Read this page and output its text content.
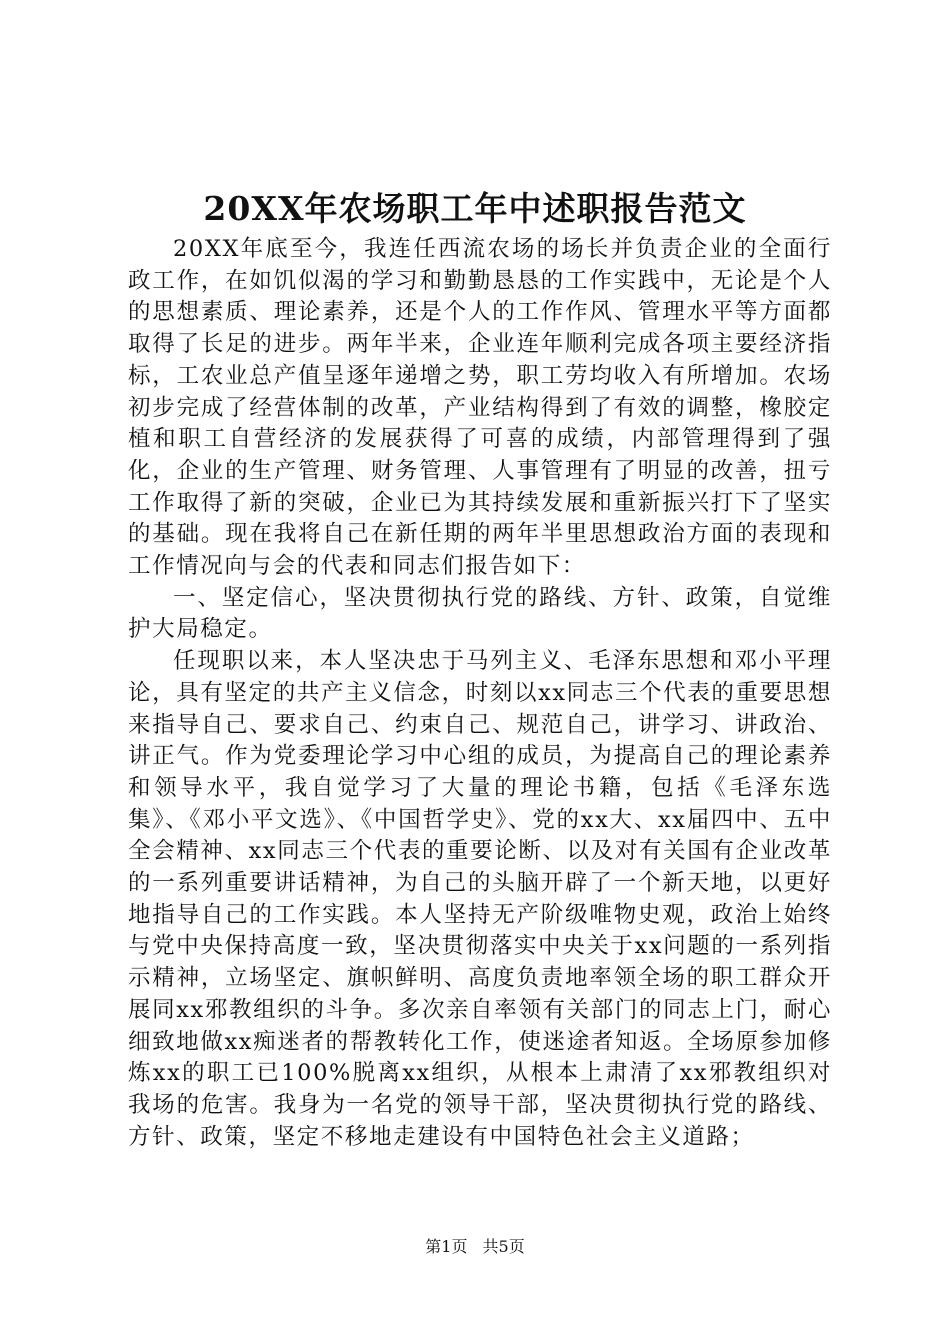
20XX年农场职工年中述职报告范文

20XX年底至今，我连任西流农场的场长并负责企业的全面行政工作，在如饥似渴的学习和勤勤恳恳的工作实践中，无论是个人的思想素质、理论素养，还是个人的工作作风、管理水平等方面都取得了长足的进步。两年半来，企业连年顺利完成各项主要经济指标，工农业总产值呈逐年递增之势，职工劳均收入有所增加。农场初步完成了经营体制的改革，产业结构得到了有效的调整，橡胶定植和职工自营经济的发展获得了可喜的成绩，内部管理得到了强化，企业的生产管理、财务管理、人事管理有了明显的改善，扭亏工作取得了新的突破，企业已为其持续发展和重新振兴打下了坚实的基础。现在我将自己在新任期的两年半里思想政治方面的表现和工作情况向与会的代表和同志们报告如下：

一、坚定信心，坚决贯彻执行党的路线、方针、政策，自觉维护大局稳定。

任现职以来，本人坚决忠于马列主义、毛泽东思想和邓小平理论，具有坚定的共产主义信念，时刻以xx同志三个代表的重要思想来指导自己、要求自己、约束自己、规范自己，讲学习、讲政治、讲正气。作为党委理论学习中心组的成员，为提高自己的理论素养和领导水平，我自觉学习了大量的理论书籍，包括《毛泽东选集》、《邓小平文选》、《中国哲学史》、党的xx大、xx届四中、五中全会精神、xx同志三个代表的重要论断、以及对有关国有企业改革的一系列重要讲话精神，为自己的头脑开辟了一个新天地，以更好地指导自己的工作实践。本人坚持无产阶级唯物史观，政治上始终与党中央保持高度一致，坚决贯彻落实中央关于xx问题的一系列指示精神，立场坚定、旗帜鲜明、高度负责地率领全场的职工群众开展同xx邪教组织的斗争。多次亲自率领有关部门的同志上门，耐心细致地做xx痴迷者的帮教转化工作，使迷途者知返。全场原参加修炼xx的职工已100%脱离xx组织，从根本上肃清了xx邪教组织对我场的危害。我身为一名党的领导干部，坚决贯彻执行党的路线、方针、政策，坚定不移地走建设有中国特色社会主义道路；

第1页 共5页
